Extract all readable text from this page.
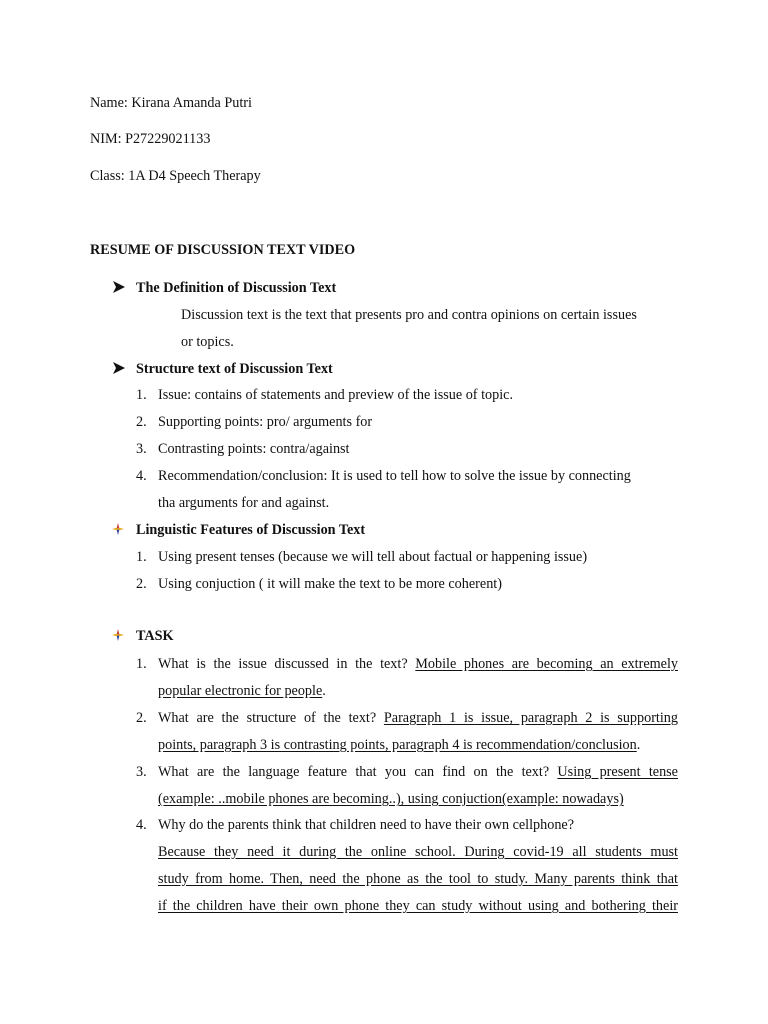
Name: Kirana Amanda Putri
NIM: P27229021133
Class: 1A D4 Speech Therapy
RESUME OF DISCUSSION TEXT VIDEO
The Definition of Discussion Text
Discussion text is the text that presents pro and contra opinions on certain issues
or topics.
Structure text of Discussion Text
1. Issue: contains of statements and preview of the issue of topic.
2. Supporting points: pro/ arguments for
3. Contrasting points: contra/against
4. Recommendation/conclusion: It is used to tell how to solve the issue by connecting
tha arguments for and against.
Linguistic Features of Discussion Text
1. Using present tenses (because we will tell about factual or happening issue)
2. Using conjuction ( it will make the text to be more coherent)
TASK
1. What is the issue discussed in the text? Mobile phones are becoming an extremely
popular electronic for people.
2. What are the structure of the text? Paragraph 1 is issue, paragraph 2 is supporting
points, paragraph 3 is contrasting points, paragraph 4 is recommendation/conclusion.
3. What are the language feature that you can find on the text? Using present tense
(example: ..mobile phones are becoming..), using conjuction(example: nowadays)
4. Why do the parents think that children need to have their own cellphone?
Because they need it during the online school. During covid-19 all students must
study from home. Then, need the phone as the tool to study. Many parents think that
if the children have their own phone they can study without using and bothering their
